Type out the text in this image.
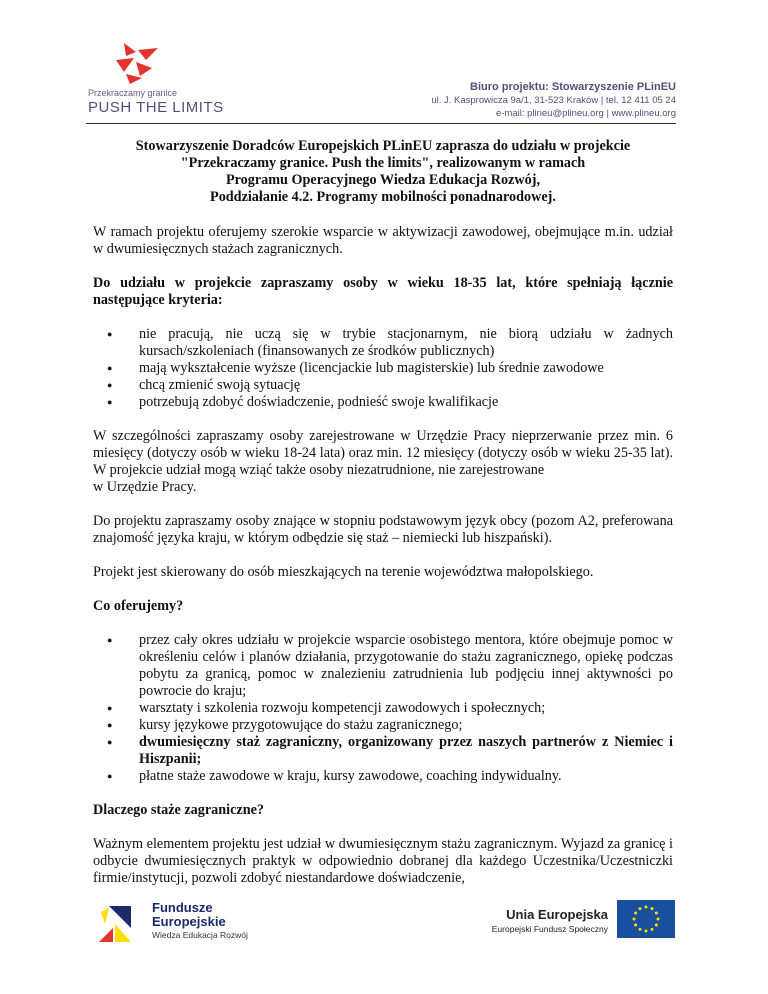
Przekraczamy granice
PUSH THE LIMITS
Biuro projektu: Stowarzyszenie PLinEU
ul. J. Kasprowicza 9a/1, 31-523 Kraków | tel. 12 411 05 24
e-mail: plineu@plineu.org | www.plineu.org
Stowarzyszenie Doradców Europejskich PLinEU zaprasza do udziału w projekcie
"Przekraczamy granice. Push the limits", realizowanym w ramach
Programu Operacyjnego Wiedza Edukacja Rozwój,
Poddziałanie 4.2. Programy mobilności ponadnarodowej.

W ramach projektu oferujemy szerokie wsparcie w aktywizacji zawodowej, obejmujące m.in. udział w dwumiesięcznych stażach zagranicznych.

Do udziału w projekcie zapraszamy osoby w wieku 18-35 lat, które spełniają łącznie następujące kryteria:

● nie pracują, nie uczą się w trybie stacjonarnym, nie biorą udziału w żadnych kursach/szkoleniach (finansowanych ze środków publicznych)
● mają wykształcenie wyższe (licencjackie lub magisterskie) lub średnie zawodowe
● chcą zmienić swoją sytuację
● potrzebują zdobyć doświadczenie, podnieść swoje kwalifikacje

W szczególności zapraszamy osoby zarejestrowane w Urzędzie Pracy nieprzerwanie przez min. 6 miesięcy (dotyczy osób w wieku 18-24 lata) oraz min. 12 miesięcy (dotyczy osób w wieku 25-35 lat). W projekcie udział mogą wziąć także osoby niezatrudnione, nie zarejestrowane
w Urzędzie Pracy.

Do projektu zapraszamy osoby znające w stopniu podstawowym język obcy (pozom A2, preferowana znajomość języka kraju, w którym odbędzie się staż – niemiecki lub hiszpański).

Projekt jest skierowany do osób mieszkających na terenie województwa małopolskiego.

Co oferujemy?

● przez cały okres udziału w projekcie wsparcie osobistego mentora, które obejmuje pomoc w określeniu celów i planów działania, przygotowanie do stażu zagranicznego, opiekę podczas pobytu za granicą, pomoc w znalezieniu zatrudnienia lub podjęciu innej aktywności po powrocie do kraju;
● warsztaty i szkolenia rozwoju kompetencji zawodowych i społecznych;
● kursy językowe przygotowujące do stażu zagranicznego;
● dwumiesięczny staż zagraniczny, organizowany przez naszych partnerów z Niemiec i Hiszpanii;
● płatne staże zawodowe w kraju, kursy zawodowe, coaching indywidualny.

Dlaczego staże zagraniczne?

Ważnym elementem projektu jest udział w dwumiesięcznym stażu zagranicznym. Wyjazd za granicę i odbycie dwumiesięcznych praktyk w odpowiednio dobranej dla każdego Uczestnika/Uczestniczki firmie/instytucji, pozwoli zdobyć niestandardowe doświadczenie,

Fundusze
Europejskie
Wiedza Edukacja Rozwój
Unia Europejska
Europejski Fundusz Społeczny
